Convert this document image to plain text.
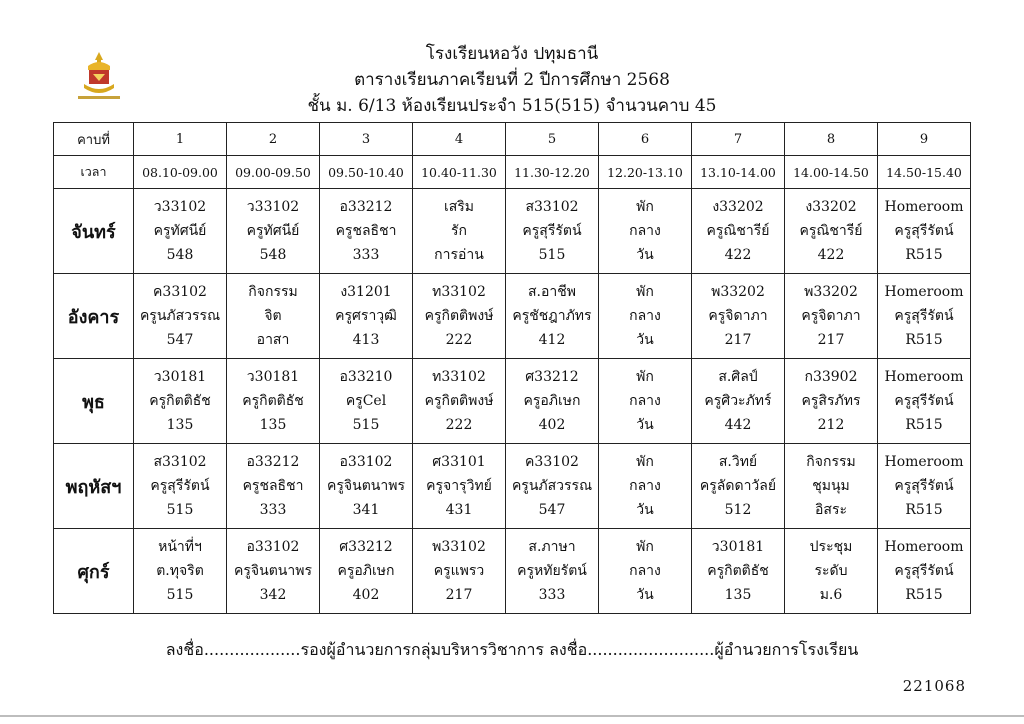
โรงเรียนหอวัง ปทุมธานี
ตารางเรียนภาคเรียนที่ 2 ปีการศึกษา 2568
ชั้น ม. 6/13 ห้องเรียนประจำ 515(515) จำนวนคาบ 45
คาบที่	1	2	3	4	5	6	7	8	9
เวลา	08.10-09.00	09.00-09.50	09.50-10.40	10.40-11.30	11.30-12.20	12.20-13.10	13.10-14.00	14.00-14.50	14.50-15.40
จันทร์	ว33102
ครูทัศนีย์
548	ว33102
ครูทัศนีย์
548	อ33212
ครูชลธิชา
333	เสริม
รัก
การอ่าน	ส33102
ครูสุรีรัตน์
515	พัก
กลาง
วัน	ง33202
ครูณิชารีย์
422	ง33202
ครูณิชารีย์
422	Homeroom
ครูสุรีรัตน์
R515

อังคาร	ค33102
ครูนภัสวรรณ
547	กิจกรรม
จิต
อาสา	ง31201
ครูศราวุฒิ
413	ท33102
ครูกิตติพงษ์
222	ส.อาชีพ
ครูชัชฎาภัทร
412	พัก
กลาง
วัน	พ33202
ครูจิดาภา
217	พ33202
ครูจิดาภา
217	Homeroom
ครูสุรีรัตน์
R515

พุธ	ว30181
ครูกิตติธัช
135	ว30181
ครูกิตติธัช
135	อ33210
ครูCel
515	ท33102
ครูกิตติพงษ์
222	ศ33212
ครูอภิเษก
402	พัก
กลาง
วัน	ส.ศิลป์
ครูศิวะภัทร์
442	ก33902
ครูสิรภัทร
212	Homeroom
ครูสุรีรัตน์
R515

พฤหัสฯ	ส33102
ครูสุรีรัตน์
515	อ33212
ครูชลธิชา
333	อ33102
ครูจินตนาพร
341	ศ33101
ครูจารุวิทย์
431	ค33102
ครูนภัสวรรณ
547	พัก
กลาง
วัน	ส.วิทย์
ครูลัดดาวัลย์
512	กิจกรรม
ชุมนุม
อิสระ	Homeroom
ครูสุรีรัตน์
R515

ศุกร์	หน้าที่ฯ
ต.ทุจริต
515	อ33102
ครูจินตนาพร
342	ศ33212
ครูอภิเษก
402	พ33102
ครูแพรว
217	ส.ภาษา
ครูหทัยรัตน์
333	พัก
กลาง
วัน	ว30181
ครูกิตติธัช
135	ประชุม
ระดับ
ม.6	Homeroom
ครูสุรีรัตน์
R515
ลงชื่อ...................รองผู้อำนวยการกลุ่มบริหารวิชาการ ลงชื่อ.........................ผู้อำนวยการโรงเรียน
221068
